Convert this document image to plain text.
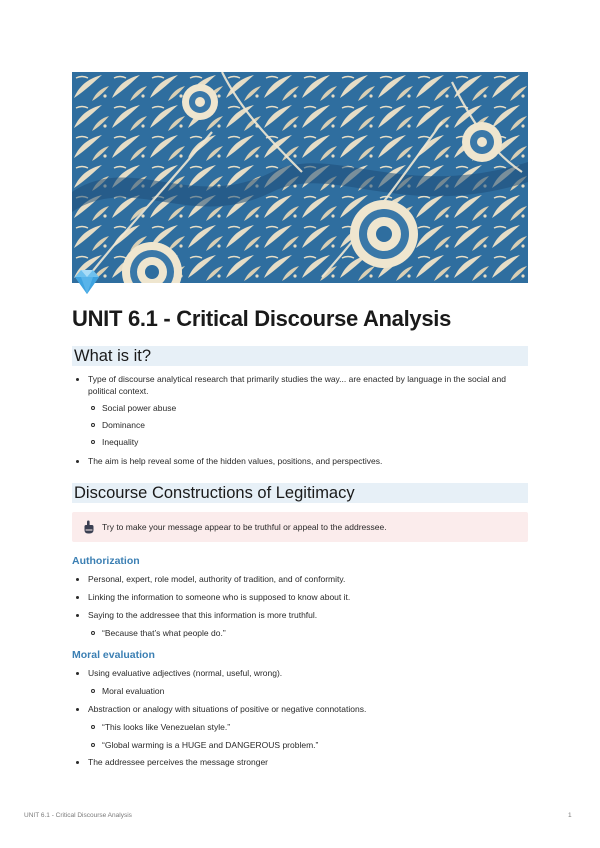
UNIT 6.1 - Critical Discourse Analysis
What is it?

Type of discourse analytical research that primarily studies the way... are enacted by language in the social and political context.

Social power abuse

Dominance

Inequality

The aim is help reveal some of the hidden values, positions, and perspectives.

Discourse Constructions of Legitimacy

Try to make your message appear to be truthful or appeal to the addressee.

Authorization

Personal, expert, role model, authority of tradition, and of conformity.

Linking the information to someone who is supposed to know about it.

Saying to the addressee that this information is more truthful.

“Because that’s what people do.”

Moral evaluation

Using evaluative adjectives (normal, useful, wrong).

Moral evaluation

Abstraction or analogy with situations of positive or negative connotations.

“This looks like Venezuelan style.”

“Global warming is a HUGE and DANGEROUS problem.”

The addressee perceives the message stronger

UNIT 6.1 - Critical Discourse Analysis	1
